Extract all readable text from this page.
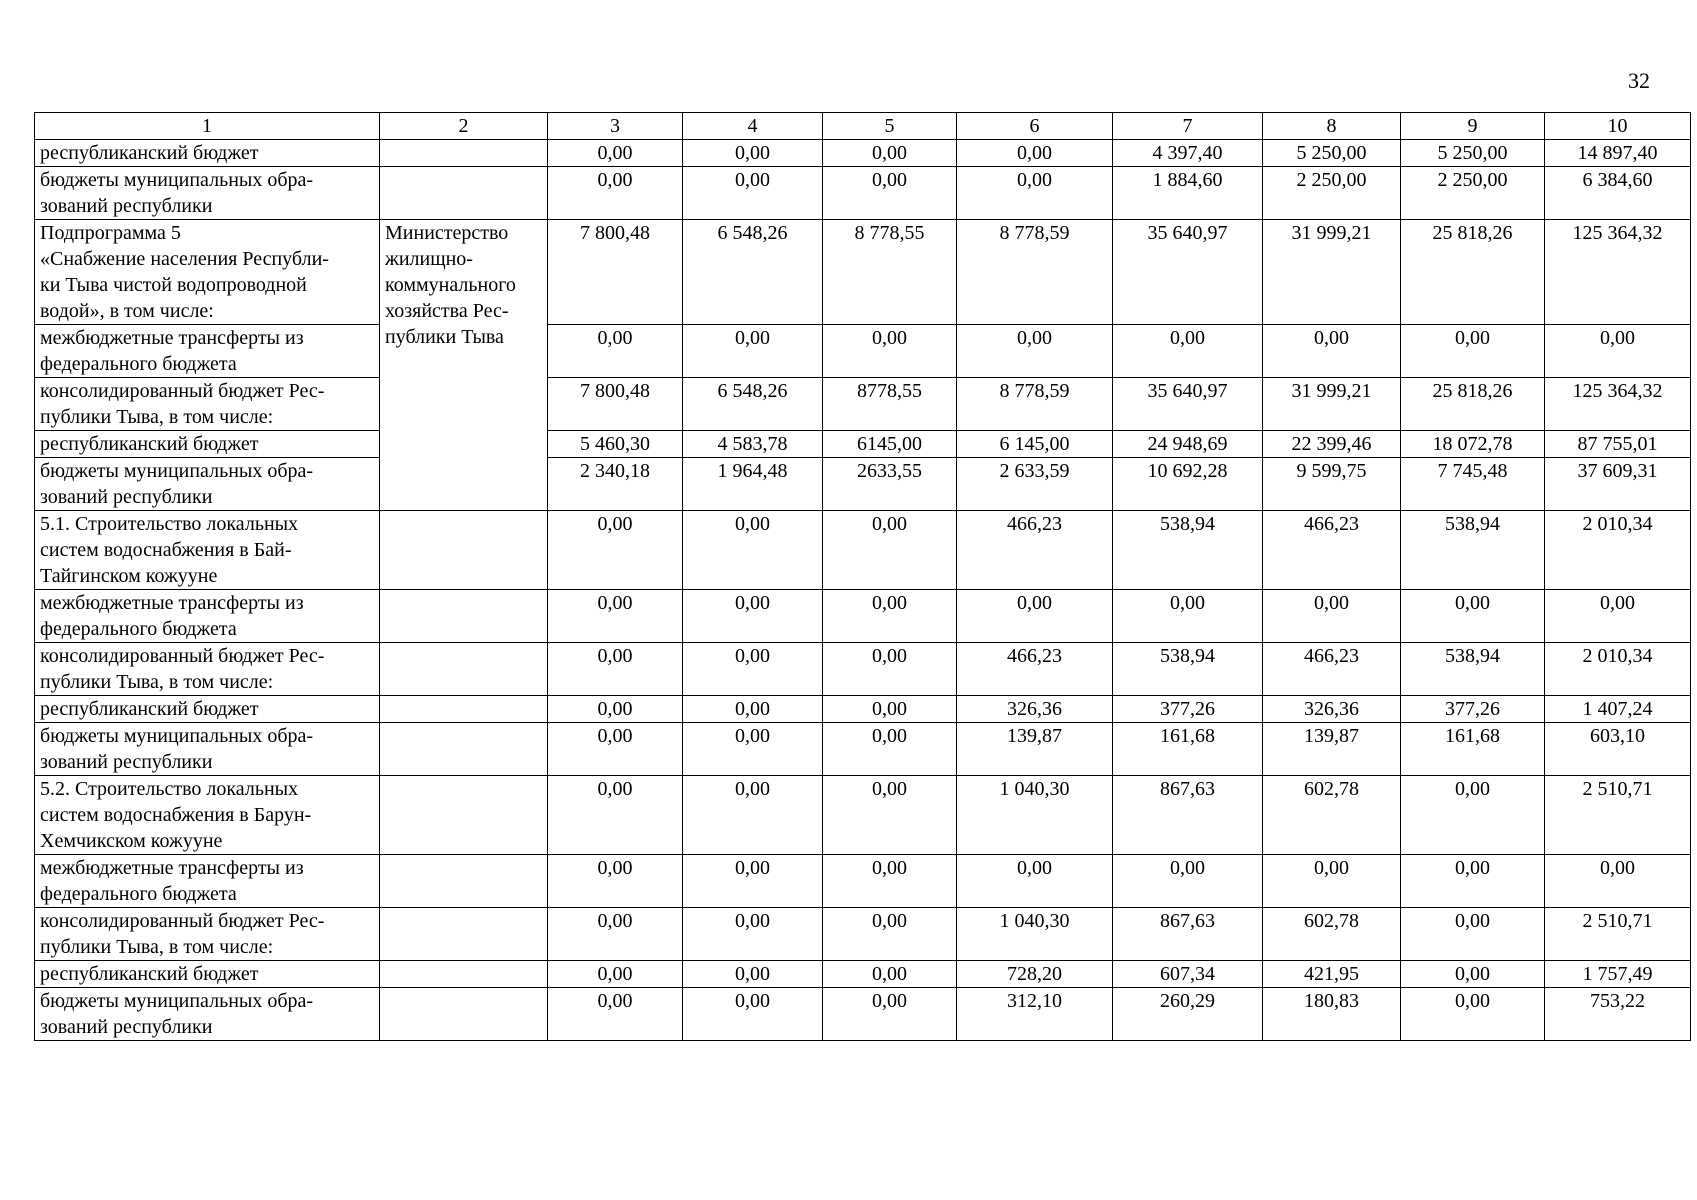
32
1	2	3	4	5	6	7	8	9	10
республиканский бюджет		0,00	0,00	0,00	0,00	4 397,40	5 250,00	5 250,00	14 897,40
бюджеты муниципальных обра-
зований республики		0,00	0,00	0,00	0,00	1 884,60	2 250,00	2 250,00	6 384,60
Подпрограмма 5
«Снабжение населения Республи-
ки Тыва чистой водопроводной
водой», в том числе:	Министерство
жилищно-
коммунального
хозяйства Рес-
публики Тыва	7 800,48	6 548,26	8 778,55	8 778,59	35 640,97	31 999,21	25 818,26	125 364,32
межбюджетные трансферты из
федерального бюджета		0,00	0,00	0,00	0,00	0,00	0,00	0,00	0,00
консолидированный бюджет Рес-
публики Тыва, в том числе:		7 800,48	6 548,26	8778,55	8 778,59	35 640,97	31 999,21	25 818,26	125 364,32
республиканский бюджет		5 460,30	4 583,78	6145,00	6 145,00	24 948,69	22 399,46	18 072,78	87 755,01
бюджеты муниципальных обра-
зований республики		2 340,18	1 964,48	2633,55	2 633,59	10 692,28	9 599,75	7 745,48	37 609,31
5.1. Строительство локальных
систем водоснабжения в Бай-
Тайгинском кожууне		0,00	0,00	0,00	466,23	538,94	466,23	538,94	2 010,34
межбюджетные трансферты из
федерального бюджета		0,00	0,00	0,00	0,00	0,00	0,00	0,00	0,00
консолидированный бюджет Рес-
публики Тыва, в том числе:		0,00	0,00	0,00	466,23	538,94	466,23	538,94	2 010,34
республиканский бюджет		0,00	0,00	0,00	326,36	377,26	326,36	377,26	1 407,24
бюджеты муниципальных обра-
зований республики		0,00	0,00	0,00	139,87	161,68	139,87	161,68	603,10
5.2. Строительство локальных
систем водоснабжения в Барун-
Хемчикском кожууне		0,00	0,00	0,00	1 040,30	867,63	602,78	0,00	2 510,71
межбюджетные трансферты из
федерального бюджета		0,00	0,00	0,00	0,00	0,00	0,00	0,00	0,00
консолидированный бюджет Рес-
публики Тыва, в том числе:		0,00	0,00	0,00	1 040,30	867,63	602,78	0,00	2 510,71
республиканский бюджет		0,00	0,00	0,00	728,20	607,34	421,95	0,00	1 757,49
бюджеты муниципальных обра-
зований республики		0,00	0,00	0,00	312,10	260,29	180,83	0,00	753,22
